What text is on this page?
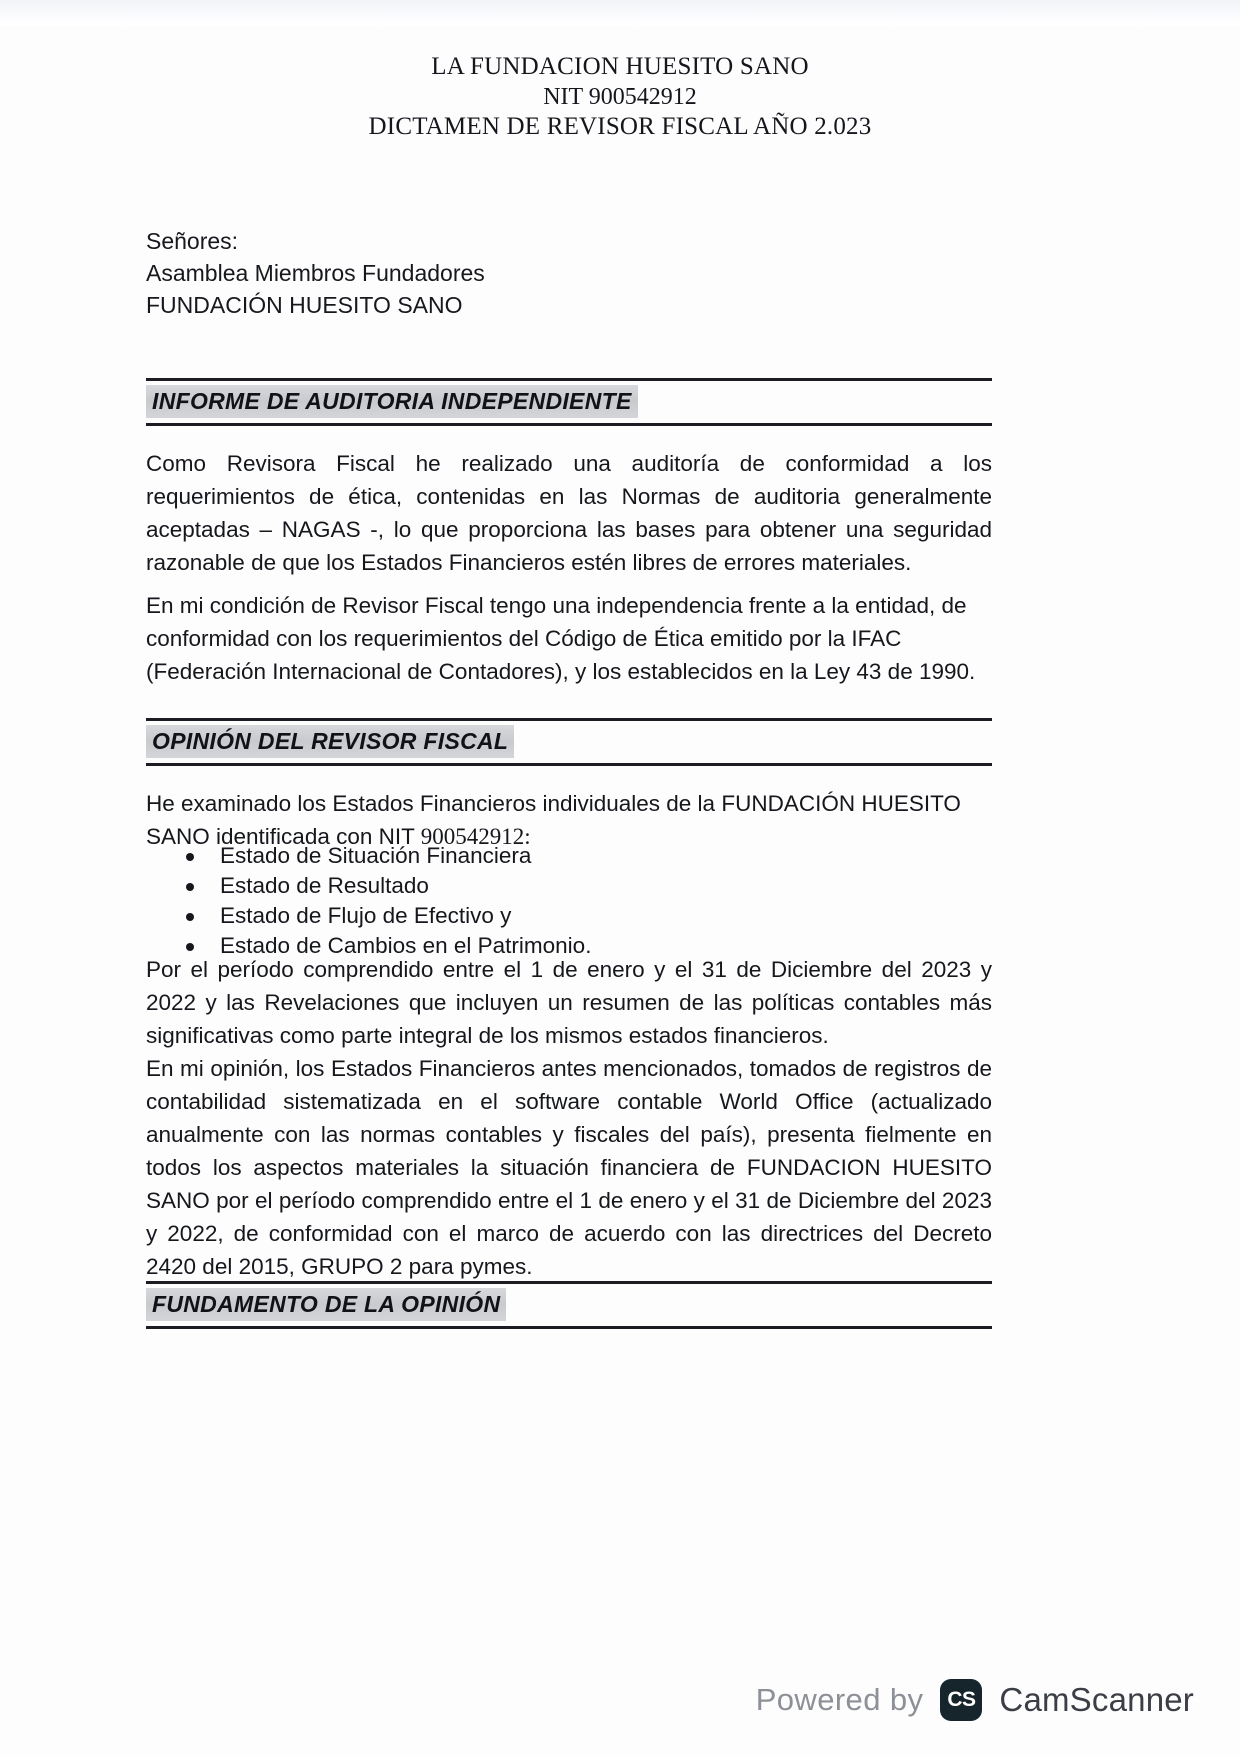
LA FUNDACION HUESITO SANO
NIT 900542912
DICTAMEN DE REVISOR FISCAL AÑO 2.023
Señores:
Asamblea Miembros Fundadores
FUNDACIÓN HUESITO SANO
INFORME DE AUDITORIA INDEPENDIENTE
Como Revisora Fiscal he realizado una auditoría de conformidad a los requerimientos de ética, contenidas en las Normas de auditoria generalmente aceptadas – NAGAS -, lo que proporciona las bases para obtener una seguridad razonable de que los Estados Financieros estén libres de errores materiales.
En mi condición de Revisor Fiscal tengo una independencia frente a la entidad, de conformidad con los requerimientos del Código de Ética emitido por la IFAC (Federación Internacional de Contadores), y los establecidos en la Ley 43 de 1990.
OPINIÓN DEL REVISOR FISCAL
He examinado los Estados Financieros individuales de la FUNDACIÓN HUESITO SANO identificada con NIT 900542912:
Estado de Situación Financiera
Estado de Resultado
Estado de Flujo de Efectivo y
Estado de Cambios en el Patrimonio.
Por el período comprendido entre el 1 de enero y el 31 de Diciembre del 2023 y 2022 y las Revelaciones que incluyen un resumen de las políticas contables más significativas como parte integral de los mismos estados financieros.
En mi opinión, los Estados Financieros antes mencionados, tomados de registros de contabilidad sistematizada en el software contable World Office (actualizado anualmente con las normas contables y fiscales del país), presenta fielmente en todos los aspectos materiales la situación financiera de FUNDACION HUESITO SANO por el período comprendido entre el 1 de enero y el 31 de Diciembre del 2023 y 2022, de conformidad con el marco de acuerdo con las directrices del Decreto 2420 del 2015, GRUPO 2 para pymes.
FUNDAMENTO DE LA OPINIÓN
Powered by CS CamScanner
